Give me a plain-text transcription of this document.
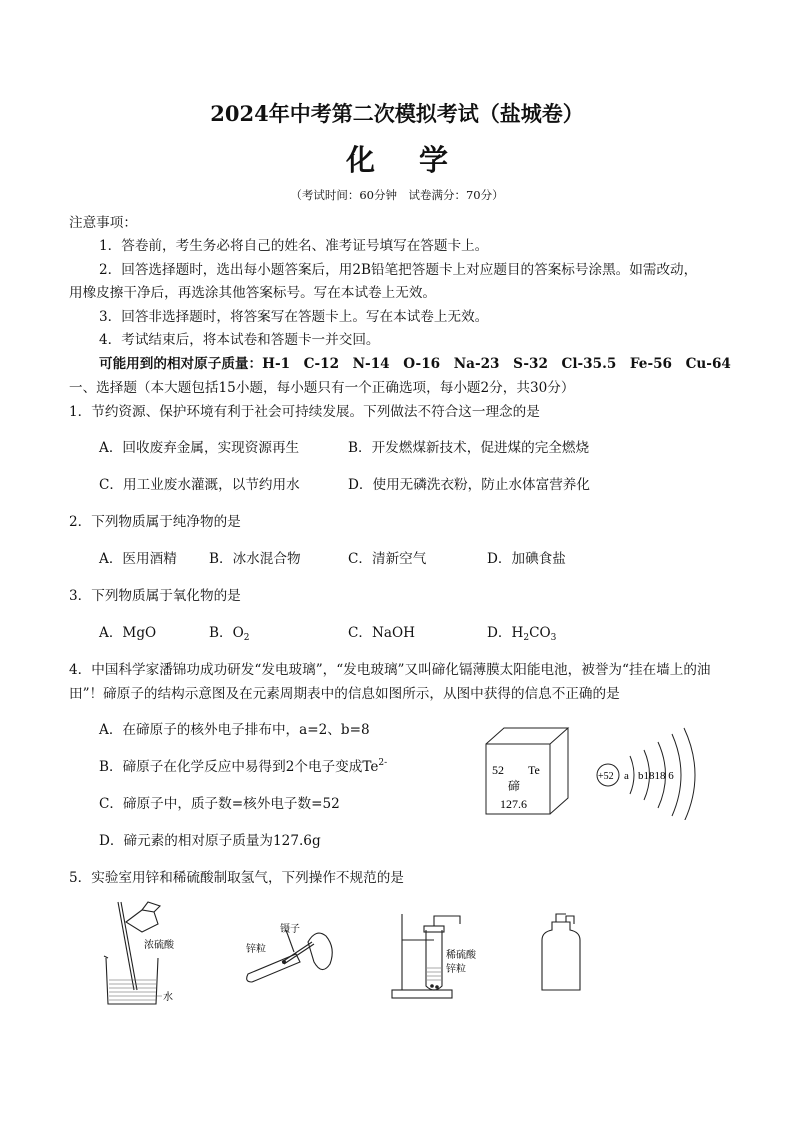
2024年中考第二次模拟考试（盐城卷）
化学
（考试时间：60分钟　试卷满分：70分）
注意事项：
1．答卷前，考生务必将自己的姓名、准考证号填写在答题卡上。
2．回答选择题时，选出每小题答案后，用2B铅笔把答题卡上对应题目的答案标号涂黑。如需改动，
用橡皮擦干净后，再选涂其他答案标号。写在本试卷上无效。
3．回答非选择题时，将答案写在答题卡上。写在本试卷上无效。
4．考试结束后，将本试卷和答题卡一并交回。
可能用到的相对原子质量：H-1　C-12　N-14　O-16　Na-23　S-32　Cl-35.5　Fe-56　Cu-64
一、选择题（本大题包括15小题，每小题只有一个正确选项，每小题2分，共30分）
1．节约资源、保护环境有利于社会可持续发展。下列做法不符合这一理念的是
A．回收废弃金属，实现资源再生	B．开发燃煤新技术，促进煤的完全燃烧
C．用工业废水灌溉，以节约用水	D．使用无磷洗衣粉，防止水体富营养化
2．下列物质属于纯净物的是
A．医用酒精 B．冰水混合物	C．清新空气	D．加碘食盐
3．下列物质属于氧化物的是
A．MgO	B．$O_2$	C．NaOH	D．$H_2CO_3$
4．中国科学家潘锦功成功研发“发电玻璃”，“发电玻璃”又叫碲化镉薄膜太阳能电池，被誉为“挂在墙上的油
田”！碲原子的结构示意图及在元素周期表中的信息如图所示，从图中获得的信息不正确的是
A．在碲原子的核外电子排布中，a=2、b=8
B．碲原子在化学反应中易得到2个电子变成$Te^{2-}$
C．碲原子中，质子数=核外电子数=52
D．碲元素的相对原子质量为127.6g
52 Te
碲
127.6
+52 a b1818 6
5．实验室用锌和稀硫酸制取氢气，下列操作不规范的是
浓硫酸
水
镊子
锌粒
稀硫酸
锌粒
